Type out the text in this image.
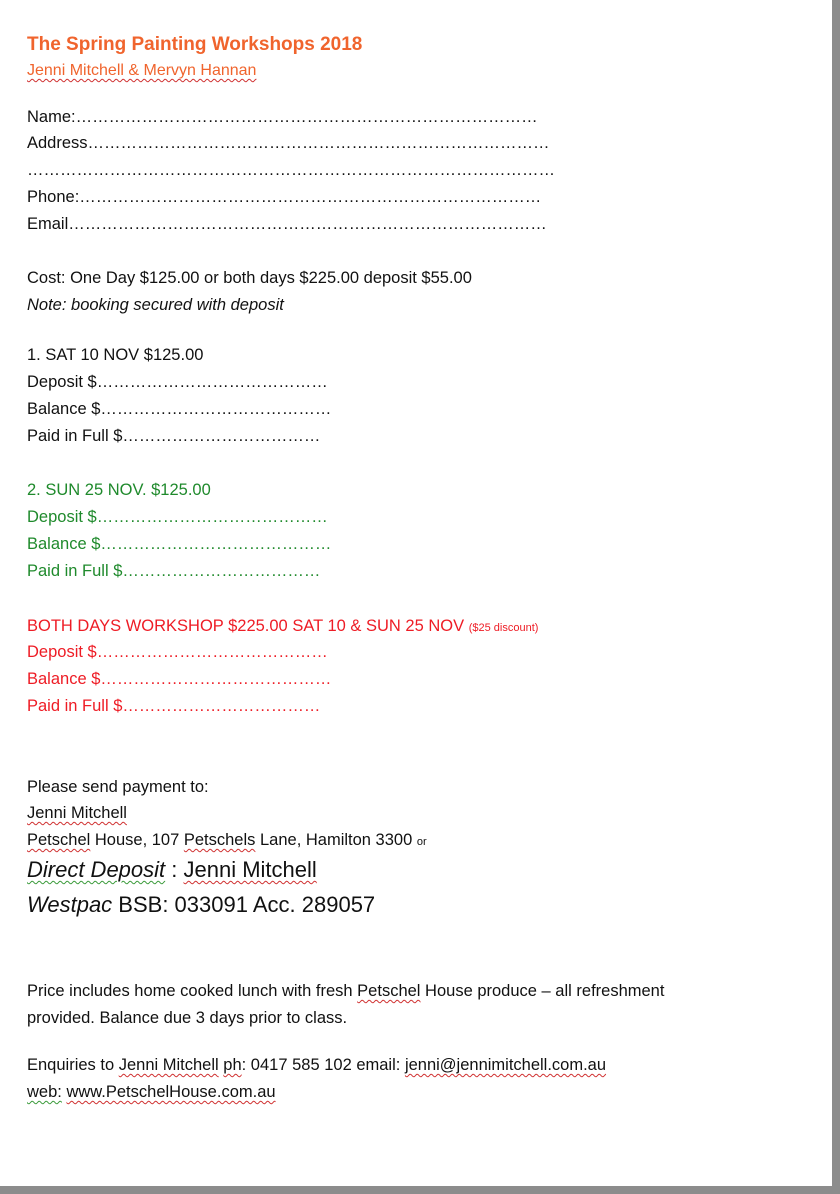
The Spring Painting Workshops 2018
Jenni Mitchell & Mervyn Hannan
Name:…………………………………………………………………………
Address…………………………………………………………………………
……………………………………………………………………………………
Phone:…………………………………………………………………………
Email……………………………………………………………………………
Cost: One Day $125.00 or both days $225.00 deposit $55.00
Note: booking secured with deposit
1. SAT 10 NOV $125.00
Deposit $……………………………………
Balance $……………………………………
Paid in Full $………………………………
2. SUN 25 NOV. $125.00
Deposit $……………………………………
Balance $……………………………………
Paid in Full $………………………………
BOTH DAYS WORKSHOP $225.00 SAT 10 & SUN 25 NOV ($25 discount)
Deposit $……………………………………
Balance $……………………………………
Paid in Full $………………………………
Please send payment to:
Jenni Mitchell
Petschel House, 107 Petschels Lane, Hamilton 3300 or
Direct Deposit : Jenni Mitchell
Westpac BSB: 033091 Acc. 289057
Price includes home cooked lunch with fresh Petschel House produce – all refreshment
provided. Balance due 3 days prior to class.
Enquiries to Jenni Mitchell ph: 0417 585 102 email: jenni@jennimitchell.com.au
web: www.PetschelHouse.com.au
